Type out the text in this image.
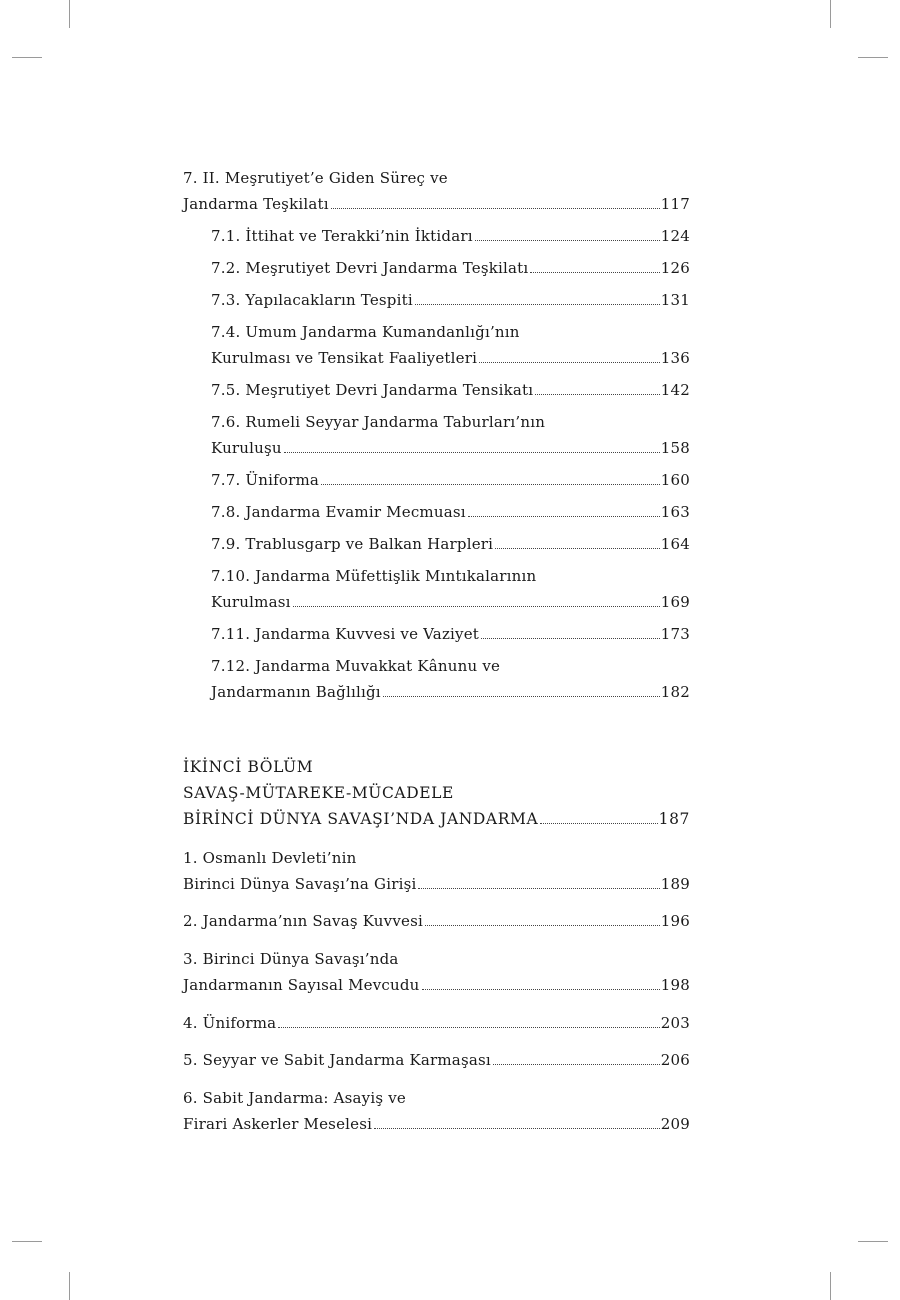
7. II. Meşrutiyet’e Giden Süreç ve
Jandarma Teşkilatı	117
7.1. İttihat ve Terakki’nin İktidarı	124
7.2. Meşrutiyet Devri Jandarma Teşkilatı	126
7.3. Yapılacakların Tespiti	131
7.4. Umum Jandarma Kumandanlığı’nın
Kurulması ve Tensikat Faaliyetleri	136
7.5. Meşrutiyet Devri Jandarma Tensikatı	142
7.6. Rumeli Seyyar Jandarma Taburları’nın
Kuruluşu	158
7.7. Üniforma	160
7.8. Jandarma Evamir Mecmuası	163
7.9. Trablusgarp ve Balkan Harpleri	164
7.10. Jandarma Müfettişlik Mıntıkalarının
Kurulması	169
7.11. Jandarma Kuvvesi ve Vaziyet	173
7.12. Jandarma Muvakkat Kânunu ve
Jandarmanın Bağlılığı	182
İKİNCİ BÖLÜM
SAVAŞ-MÜTAREKE-MÜCADELE
BİRİNCİ DÜNYA SAVAŞI’NDA JANDARMA	187
1. Osmanlı Devleti’nin
Birinci Dünya Savaşı’na Girişi	189
2. Jandarma’nın Savaş Kuvvesi	196
3. Birinci Dünya Savaşı’nda
Jandarmanın Sayısal Mevcudu	198
4. Üniforma	203
5. Seyyar ve Sabit Jandarma Karmaşası	206
6. Sabit Jandarma: Asayiş ve
Firari Askerler Meselesi	209
